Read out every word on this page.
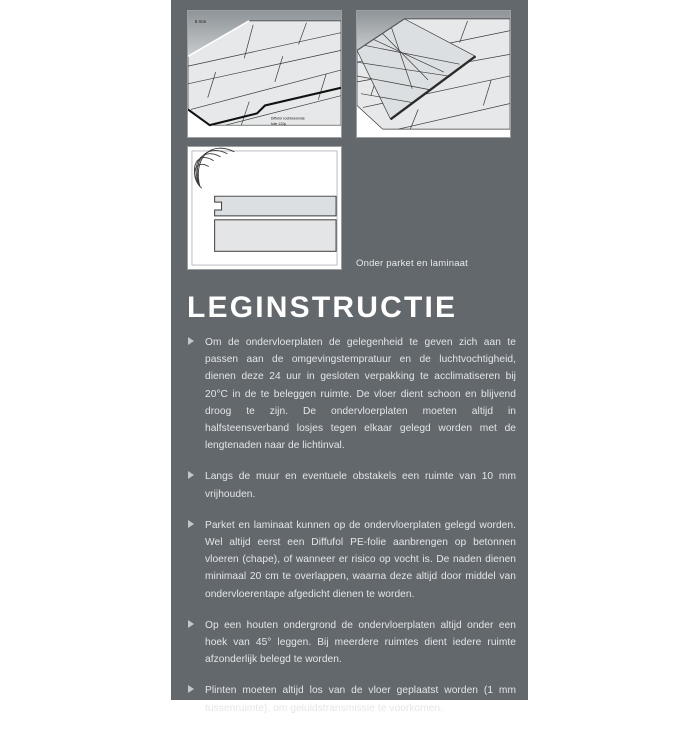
5 mm
Diffufol vochtwerende
folie 120µ
Onder parket en laminaat
LEGINSTRUCTIE
Om de ondervloerplaten de gelegenheid te geven zich aan te passen aan de omgevingstempratuur en de luchtvochtigheid, dienen deze 24 uur in gesloten verpakking te acclimatiseren bij 20°C in de te beleggen ruimte. De vloer dient schoon en blijvend droog te zijn. De ondervloerplaten moeten altijd in halfsteensverband losjes tegen elkaar gelegd worden met de lengtenaden naar de lichtinval.
Langs de muur en eventuele obstakels een ruimte van 10 mm vrijhouden.
Parket en laminaat kunnen op de ondervloerplaten gelegd worden. Wel altijd eerst een Diffufol PE-folie aanbrengen op betonnen vloeren (chape), of wanneer er risico op vocht is. De naden dienen minimaal 20 cm te overlappen, waarna deze altijd door middel van ondervloerentape afgedicht dienen te worden.
Op een houten ondergrond de ondervloerplaten altijd onder een hoek van 45° leggen. Bij meerdere ruimtes dient iedere ruimte afzonderlijk belegd te worden.
Plinten moeten altijd los van de vloer geplaatst worden (1 mm tussenruimte), om geluidstransmissie te voorkomen.
